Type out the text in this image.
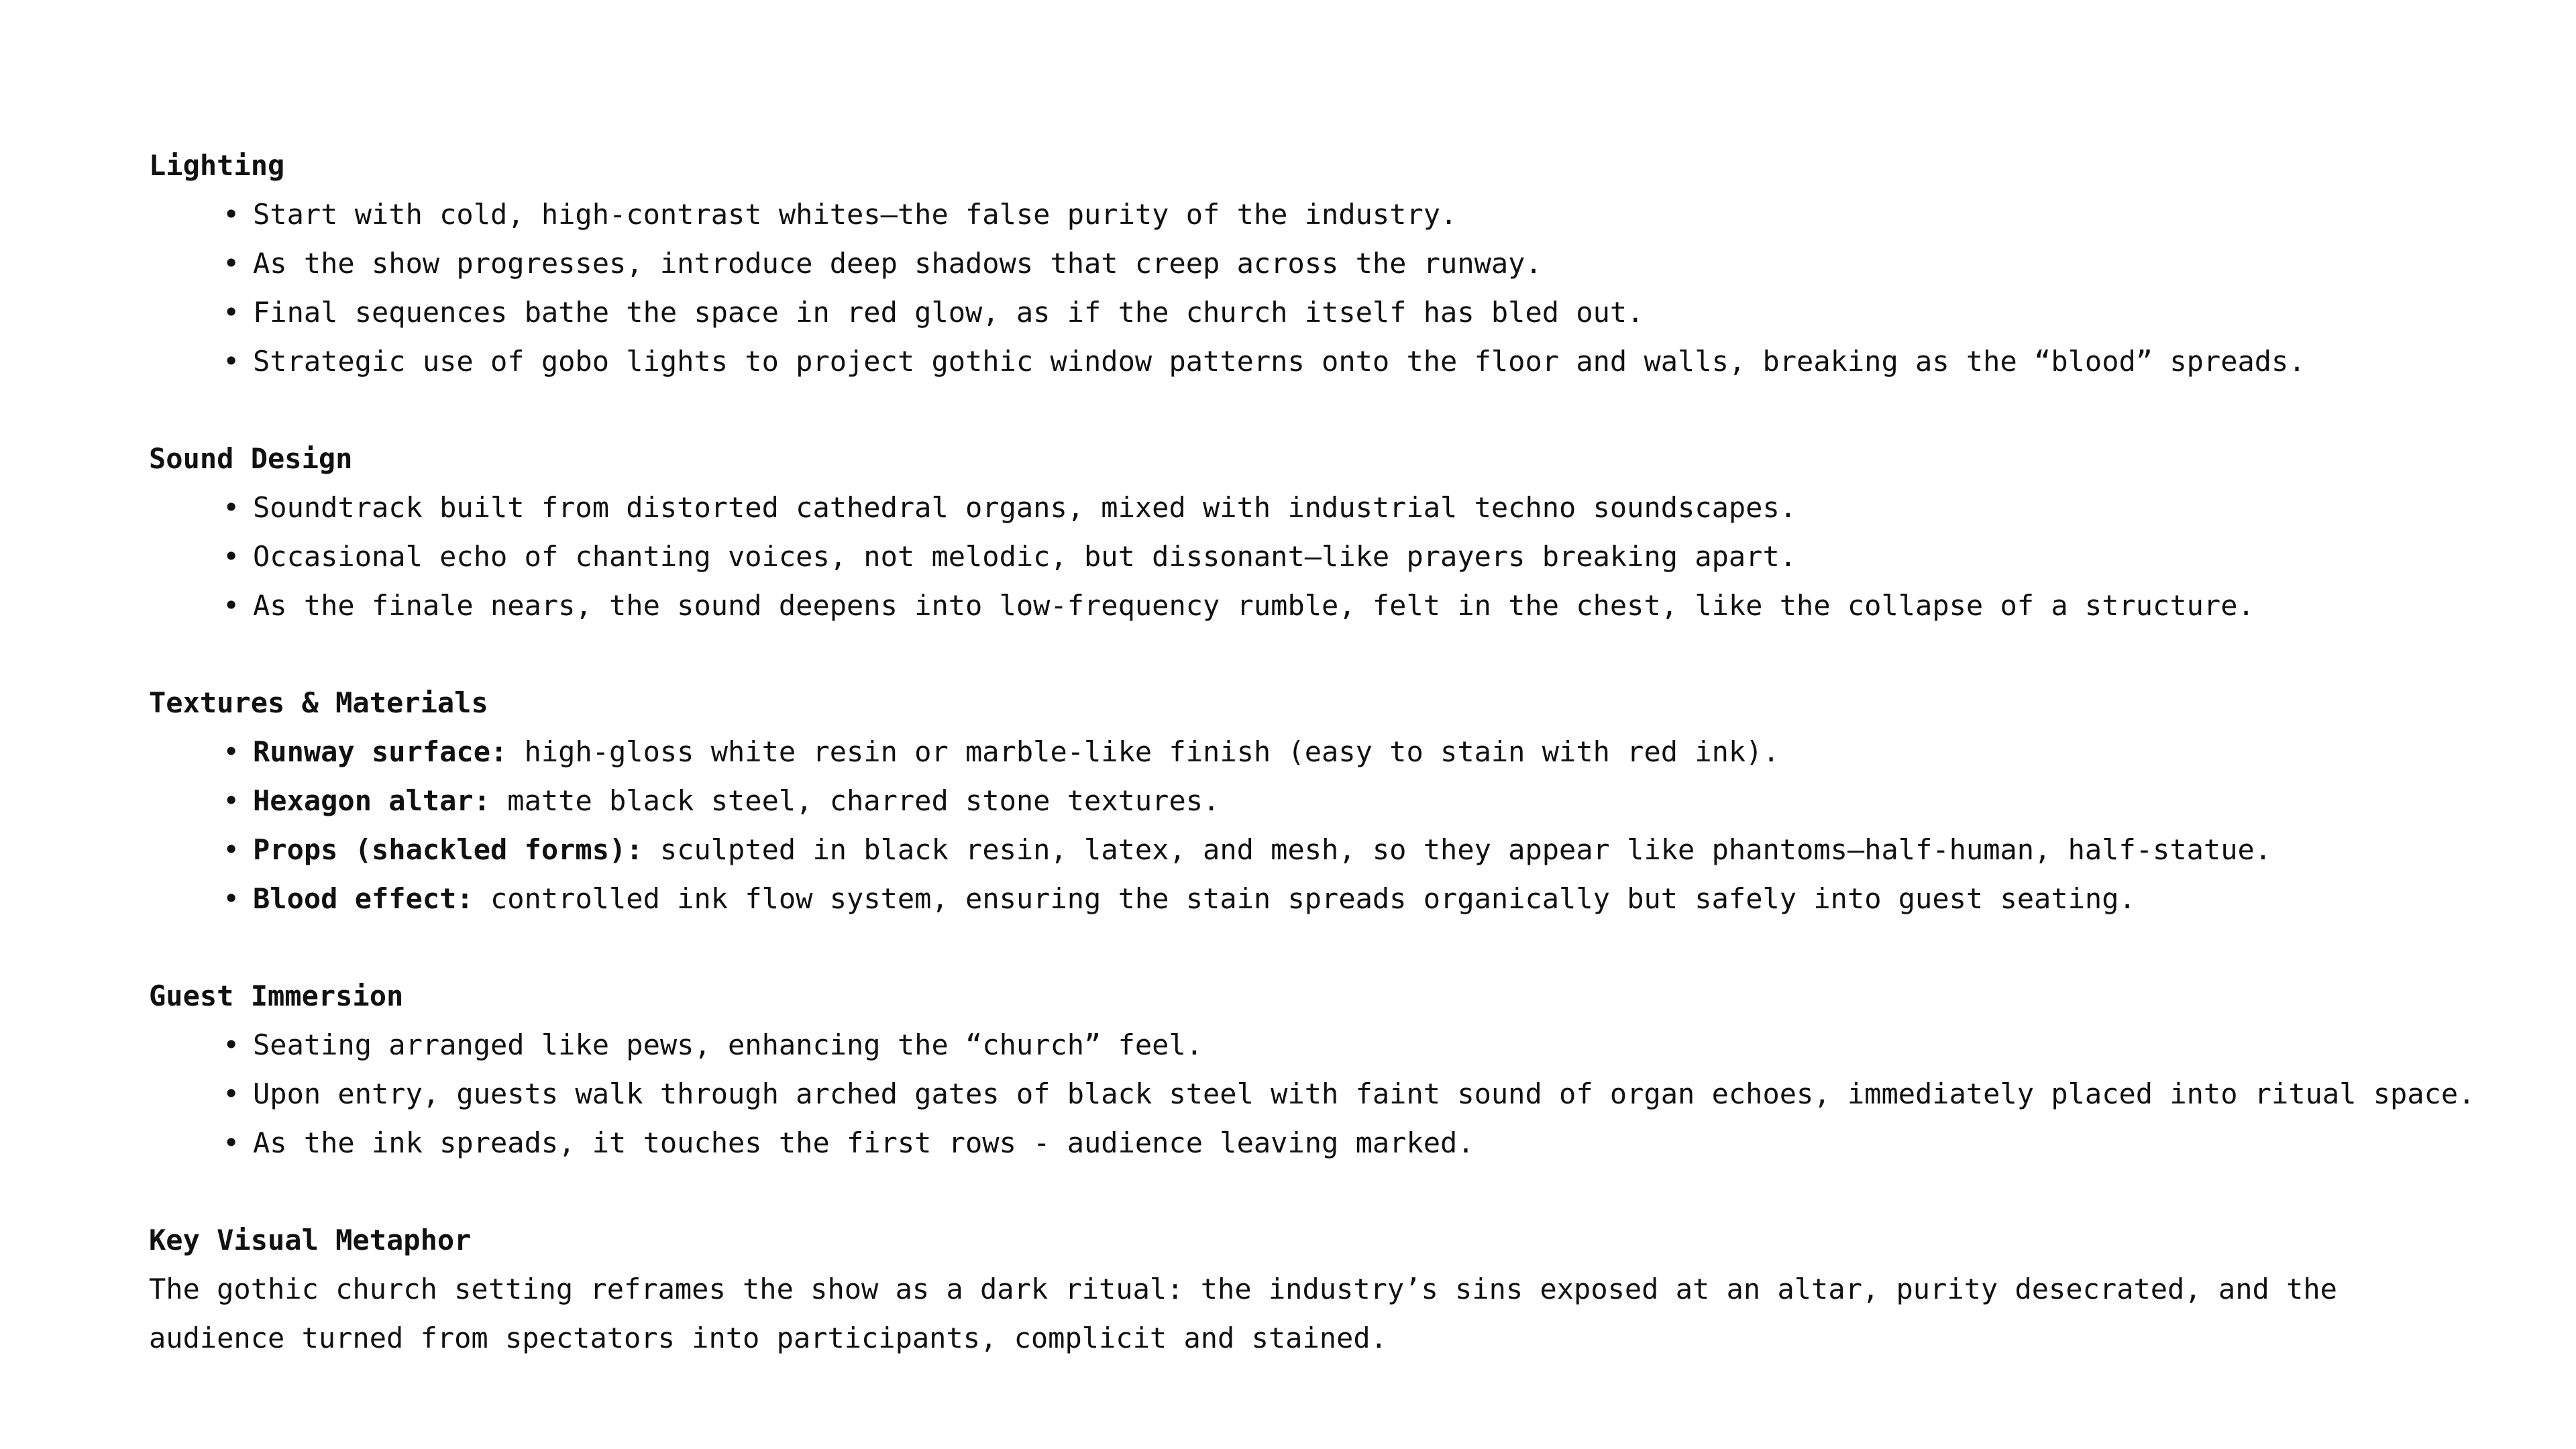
Lighting
• Start with cold, high-contrast whites—the false purity of the industry.
• As the show progresses, introduce deep shadows that creep across the runway.
• Final sequences bathe the space in red glow, as if the church itself has bled out.
• Strategic use of gobo lights to project gothic window patterns onto the floor and walls, breaking as the “blood” spreads.
Sound Design
• Soundtrack built from distorted cathedral organs, mixed with industrial techno soundscapes.
• Occasional echo of chanting voices, not melodic, but dissonant—like prayers breaking apart.
• As the finale nears, the sound deepens into low-frequency rumble, felt in the chest, like the collapse of a structure.
Textures & Materials
• Runway surface: high-gloss white resin or marble-like finish (easy to stain with red ink).
• Hexagon altar: matte black steel, charred stone textures.
• Props (shackled forms): sculpted in black resin, latex, and mesh, so they appear like phantoms—half-human, half-statue.
• Blood effect: controlled ink flow system, ensuring the stain spreads organically but safely into guest seating.
Guest Immersion
• Seating arranged like pews, enhancing the “church” feel.
• Upon entry, guests walk through arched gates of black steel with faint sound of organ echoes, immediately placed into ritual space.
• As the ink spreads, it touches the first rows - audience leaving marked.
Key Visual Metaphor

The gothic church setting reframes the show as a dark ritual: the industry’s sins exposed at an altar, purity desecrated, and the audience turned from spectators into participants, complicit and stained.
